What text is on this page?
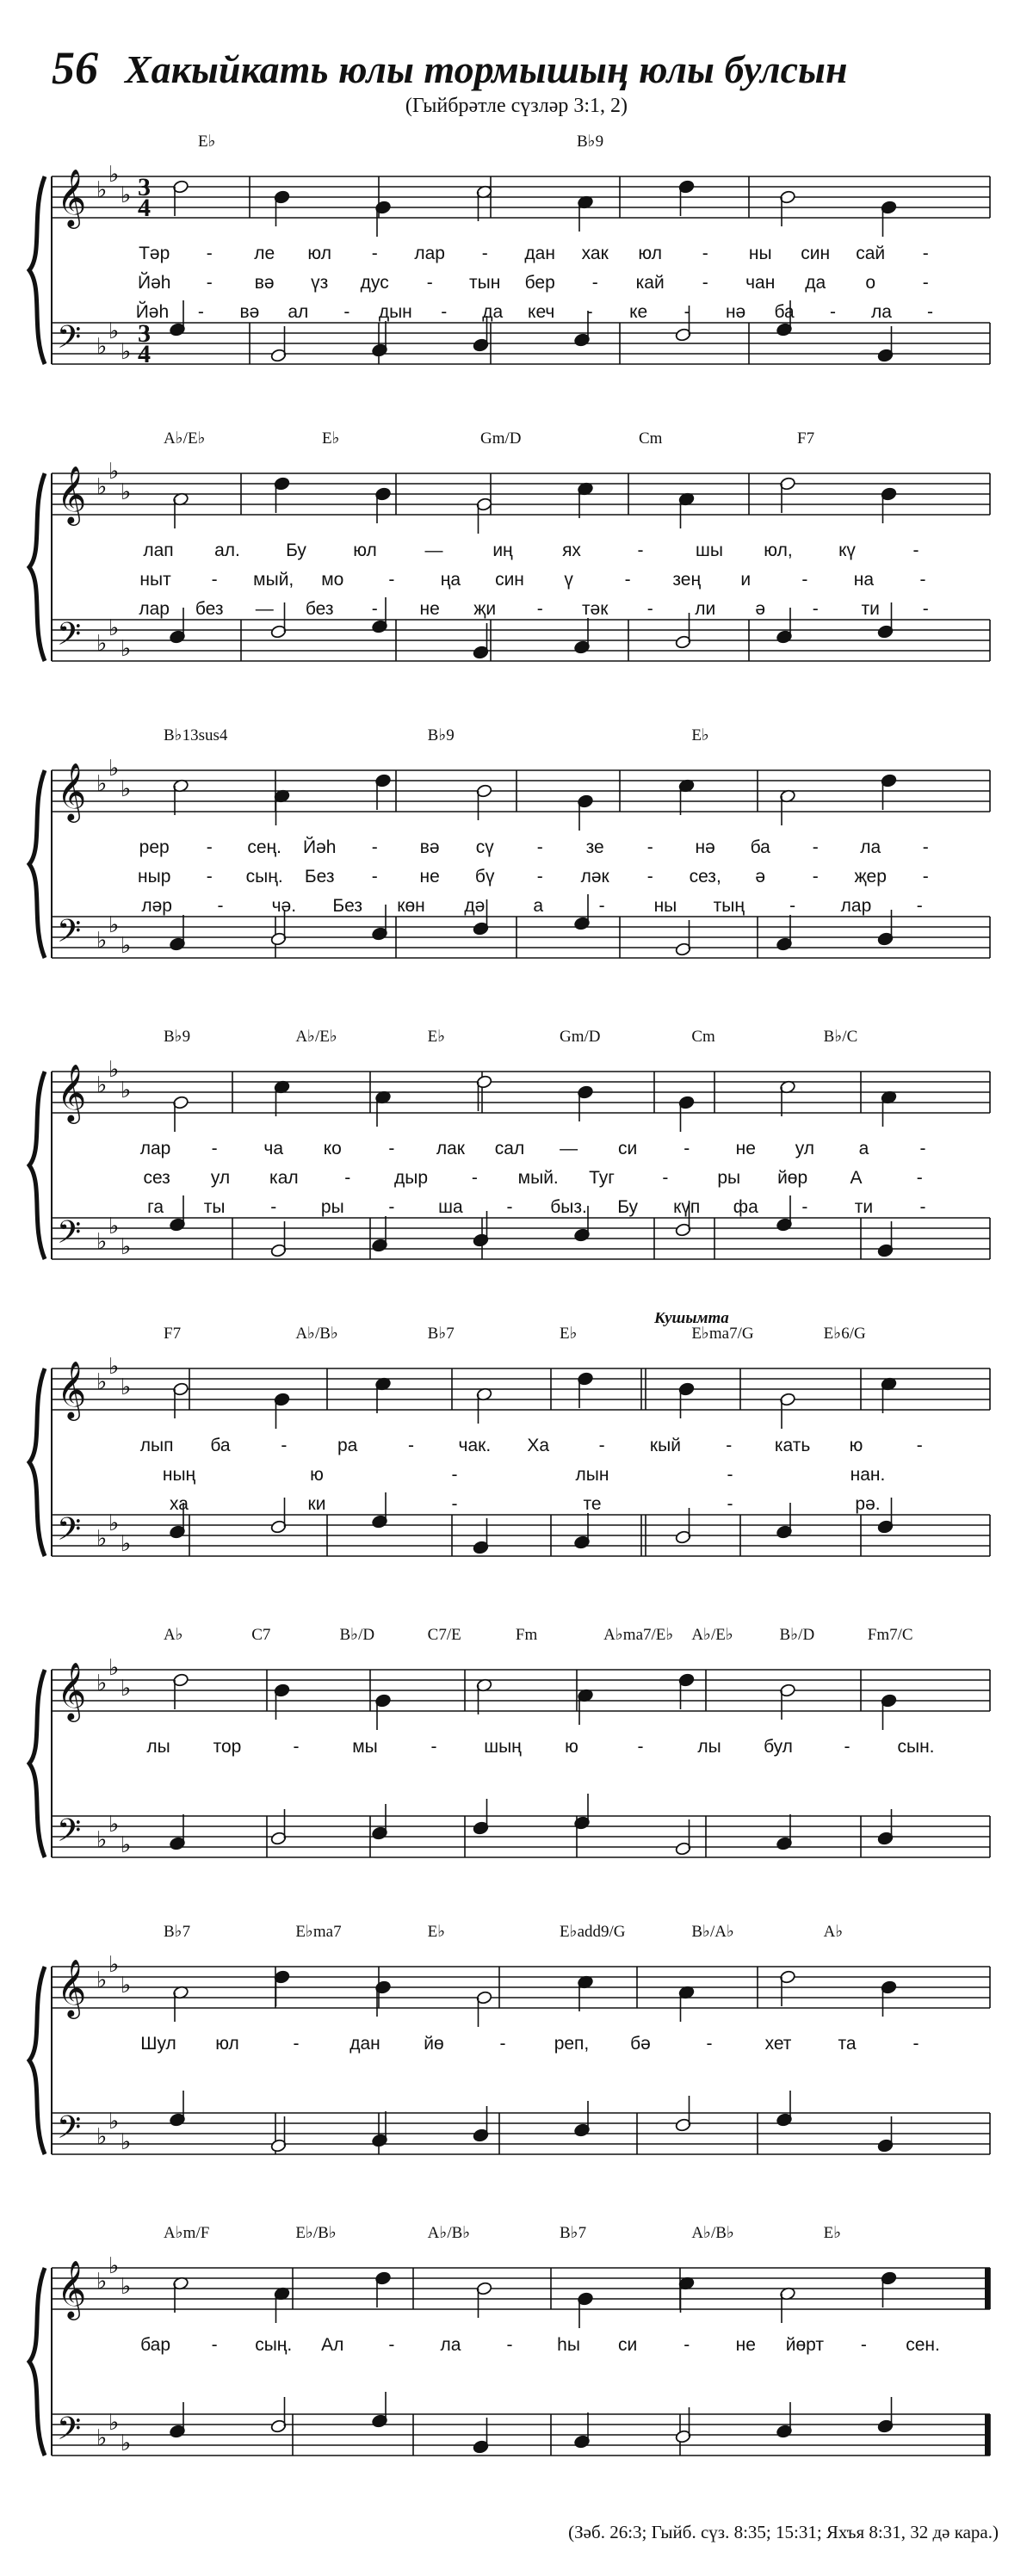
56 Хакыйкать юлы тормышың юлы булсын
(Гыйбрәтле сүзләр 3:1, 2)
𝄞
𝄢
♭
♭
♭
♭
♭
♭
3
4
3
4
E♭	B♭9
Тәр - ле юл - лар - дан хак юл - ны син сай -
Йәһ - вә үз дус - тын бер - кай - чан да о	-
Йәһ - вә ал - дын - да кеч - ке - нә ба - ла -
𝄞
𝄢
♭
♭
♭
♭
♭
♭
A♭/E♭	E♭	Gm/D	Cm	F7
лап ал.	Бу	юл	—	иң	ях	-	шы юл,	кү	-
ныт - мый, мо -	ңа син ү	- зең и	-	на	-
лар без — без - не җи - тәк - ли ә	- ти -
𝄞
𝄢
♭
♭
♭
♭
♭
♭
B♭13sus4	B♭9	E♭
рер - сең. Йәһ - вә сү - зе - нә ба - ла -
ныр - сың. Без - не бү - ләк - сез, ә	- җер -
ләр	-	чә. Без көн дә	а	-	ны тың -	лар	-
𝄞
𝄢
♭
♭
♭
♭
♭
♭
B♭9	A♭/E♭	E♭	Gm/D	Cm	B♭/C
лар -	ча ко	- лак сал — си	-	не ул а	-
сез ул кал	- дыр - мый. Туг	-	ры йөр А	-
га ты	- ры - ша - быз. Бу күп фа -	ти	-
𝄞
𝄢
♭
♭
♭
♭
♭
♭
F7	A♭/B♭	B♭7	E♭	E♭ma7/G	E♭6/G
Кушымта
лып ба	-	ра	- чак. Ха	- кый - кать ю	-
ның	ю	-	лын	-	нан.
ха	ки	-	те	-	рә.
𝄞
𝄢
♭
♭
♭
♭
♭
♭
A♭	C7	B♭/D	C7/E	Fm	A♭ma7/E♭ A♭/E♭	B♭/D	Fm7/C
лы тор	-	мы	-	шың ю	-	лы бул	-	сын.
𝄞
𝄢
♭
♭
♭
♭
♭
♭
B♭7	E♭ma7	E♭	E♭add9/G	B♭/A♭	A♭
Шул юл	-	дан йө	-	реп, бә	-	хет	та	-
𝄞
𝄢
♭
♭
♭
♭
♭
♭
A♭m/F	E♭/B♭	A♭/B♭	B♭7	A♭/B♭	E♭
бар - сың. Ал -	ла	- һы си	-	не йөрт - сен.
(Зәб. 26:3; Гыйб. сүз. 8:35; 15:31; Яхъя 8:31, 32 дә кара.)
